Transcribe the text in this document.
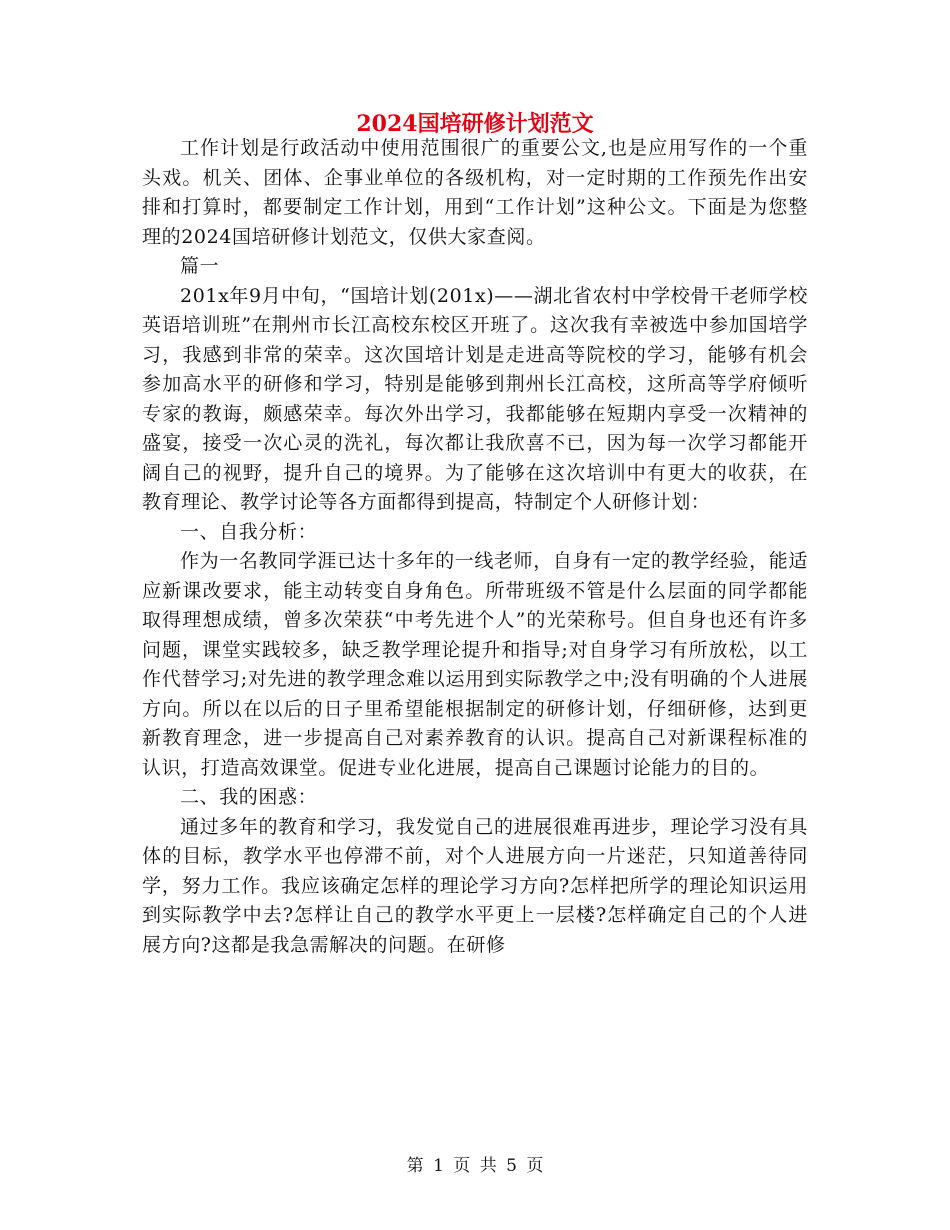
2024国培研修计划范文

工作计划是行政活动中使用范围很广的重要公文,也是应用写作的一个重头戏。机关、团体、企事业单位的各级机构，对一定时期的工作预先作出安排和打算时，都要制定工作计划，用到“工作计划”这种公文。下面是为您整理的2024国培研修计划范文，仅供大家查阅。

篇一

201x年9月中旬，“国培计划(201x)——湖北省农村中学校骨干老师学校英语培训班”在荆州市长江高校东校区开班了。这次我有幸被选中参加国培学习，我感到非常的荣幸。这次国培计划是走进高等院校的学习，能够有机会参加高水平的研修和学习，特别是能够到荆州长江高校，这所高等学府倾听专家的教诲，颇感荣幸。每次外出学习，我都能够在短期内享受一次精神的盛宴，接受一次心灵的洗礼，每次都让我欣喜不已，因为每一次学习都能开阔自己的视野，提升自己的境界。为了能够在这次培训中有更大的收获，在教育理论、教学讨论等各方面都得到提高，特制定个人研修计划：

一、自我分析：

作为一名教同学涯已达十多年的一线老师，自身有一定的教学经验，能适应新课改要求，能主动转变自身角色。所带班级不管是什么层面的同学都能取得理想成绩，曾多次荣获“中考先进个人”的光荣称号。但自身也还有许多问题，课堂实践较多，缺乏教学理论提升和指导;对自身学习有所放松，以工作代替学习;对先进的教学理念难以运用到实际教学之中;没有明确的个人进展方向。所以在以后的日子里希望能根据制定的研修计划，仔细研修，达到更新教育理念，进一步提高自己对素养教育的认识。提高自己对新课程标准的认识，打造高效课堂。促进专业化进展，提高自己课题讨论能力的目的。

二、我的困惑：

通过多年的教育和学习，我发觉自己的进展很难再进步，理论学习没有具体的目标，教学水平也停滞不前，对个人进展方向一片迷茫，只知道善待同学，努力工作。我应该确定怎样的理论学习方向?怎样把所学的理论知识运用到实际教学中去?怎样让自己的教学水平更上一层楼?怎样确定自己的个人进展方向?这都是我急需解决的问题。在研修

第 1 页 共 5 页
